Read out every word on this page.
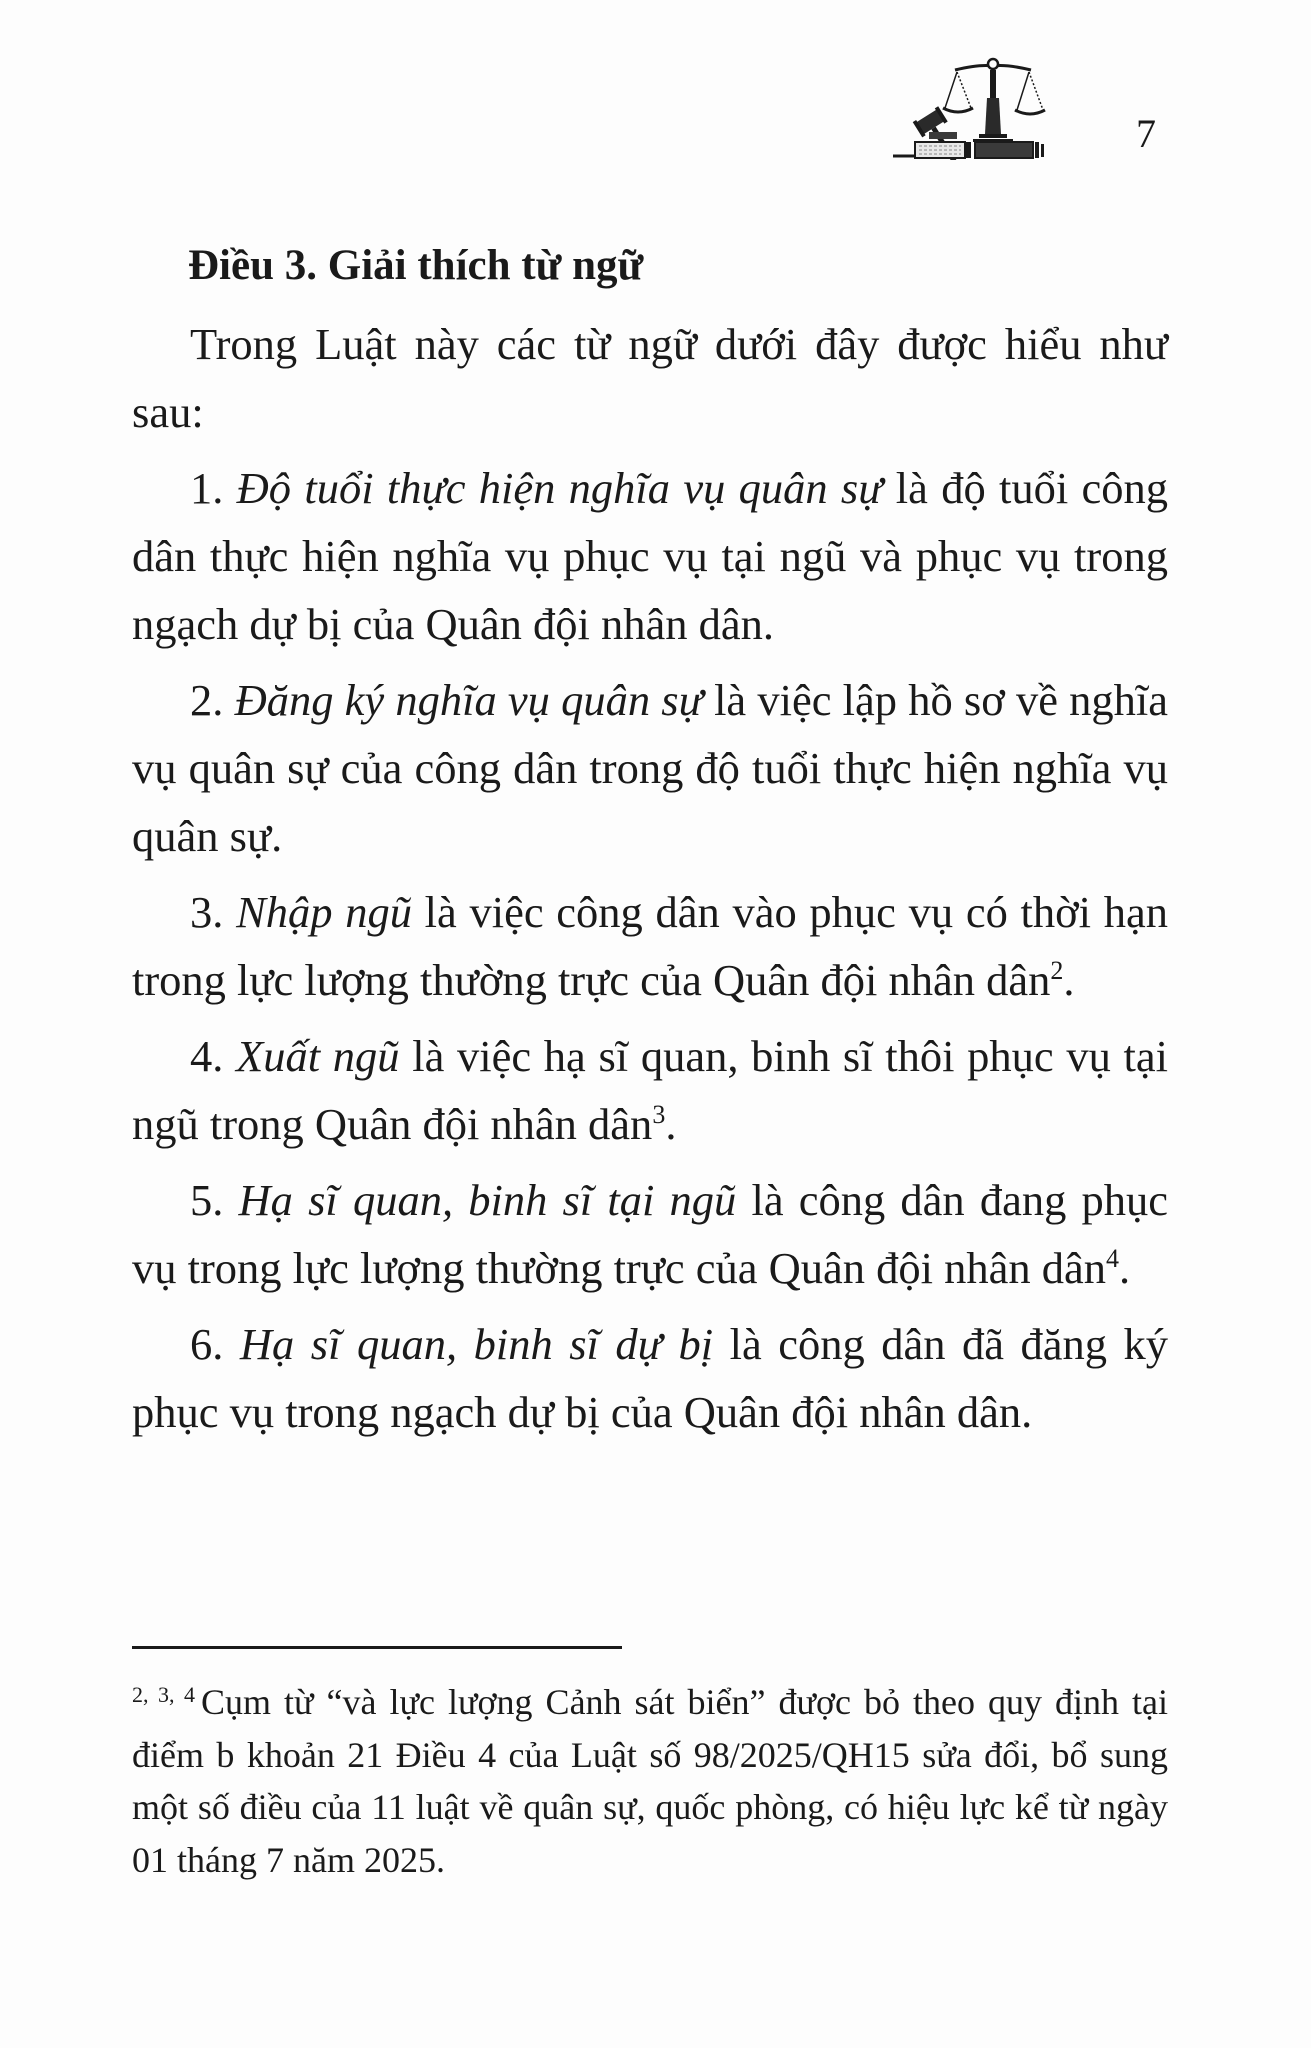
7
Điều 3. Giải thích từ ngữ

Trong Luật này các từ ngữ dưới đây được hiểu như sau:

1. Độ tuổi thực hiện nghĩa vụ quân sự là độ tuổi công dân thực hiện nghĩa vụ phục vụ tại ngũ và phục vụ trong ngạch dự bị của Quân đội nhân dân.

2. Đăng ký nghĩa vụ quân sự là việc lập hồ sơ về nghĩa vụ quân sự của công dân trong độ tuổi thực hiện nghĩa vụ quân sự.

3. Nhập ngũ là việc công dân vào phục vụ có thời hạn trong lực lượng thường trực của Quân đội nhân dân$^2$.

4. Xuất ngũ là việc hạ sĩ quan, binh sĩ thôi phục vụ tại ngũ trong Quân đội nhân dân$^3$.

5. Hạ sĩ quan, binh sĩ tại ngũ là công dân đang phục vụ trong lực lượng thường trực của Quân đội nhân dân$^4$.

6. Hạ sĩ quan, binh sĩ dự bị là công dân đã đăng ký phục vụ trong ngạch dự bị của Quân đội nhân dân.

$^{2, 3, 4}$ Cụm từ “và lực lượng Cảnh sát biển” được bỏ theo quy định tại điểm b khoản 21 Điều 4 của Luật số 98/2025/QH15 sửa đổi, bổ sung một số điều của 11 luật về quân sự, quốc phòng, có hiệu lực kể từ ngày 01 tháng 7 năm 2025.
